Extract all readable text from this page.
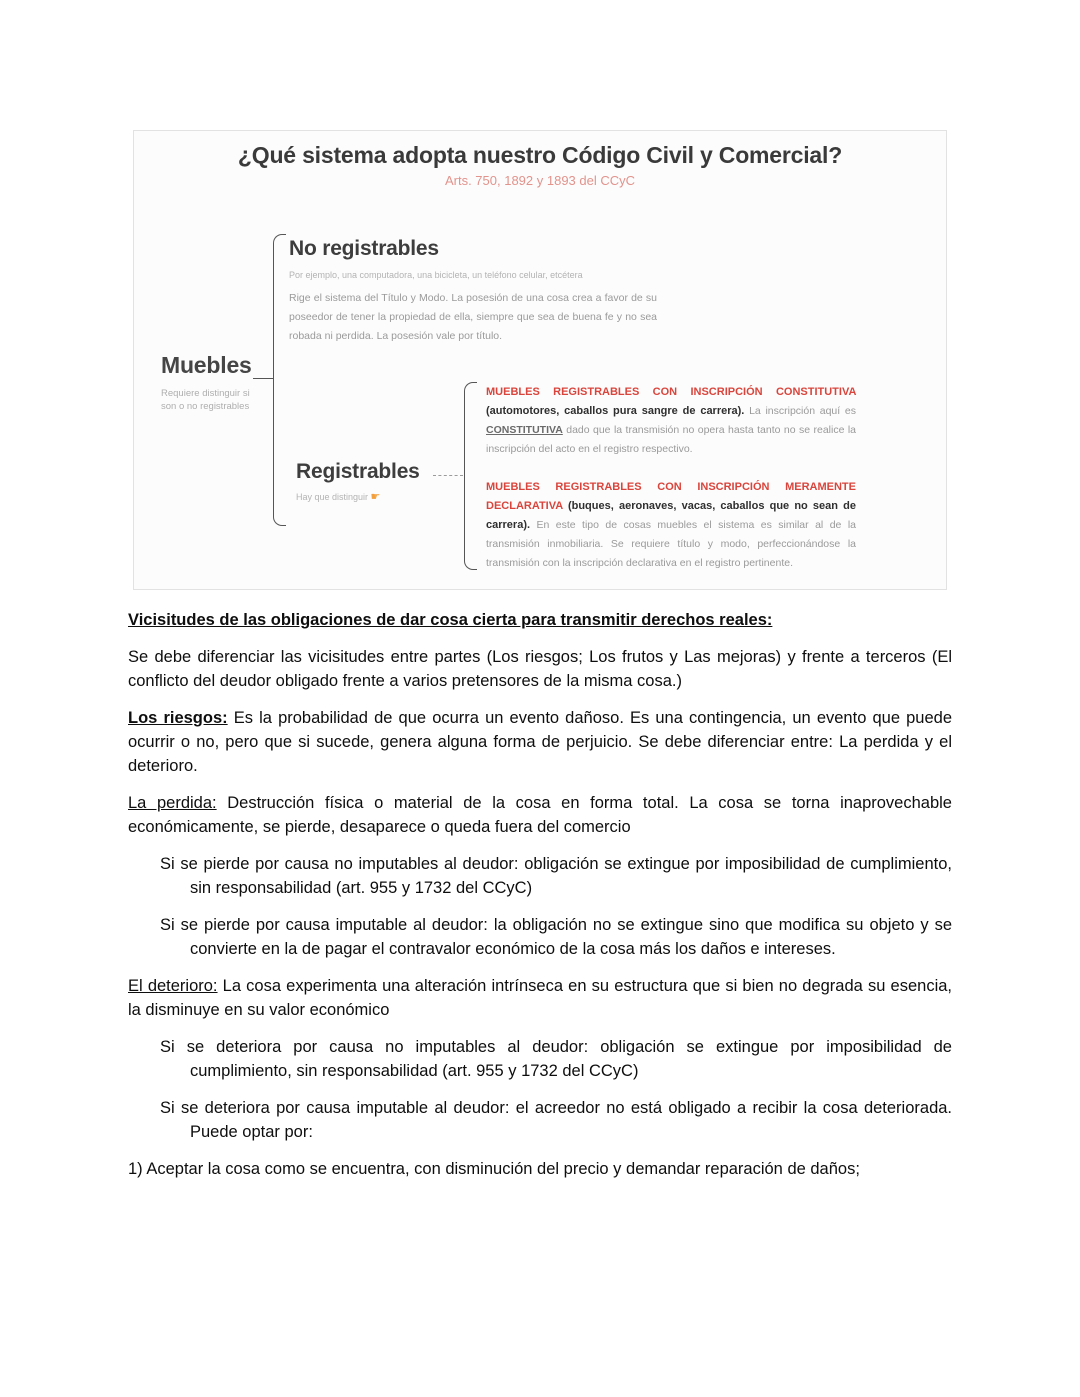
¿Qué sistema adopta nuestro Código Civil y Comercial?
Arts. 750, 1892 y 1893 del CCyC
Muebles
Requiere distinguir si son o no registrables
No registrables
Por ejemplo, una computadora, una bicicleta, un teléfono celular, etcétera
Rige el sistema del Título y Modo. La posesión de una cosa crea a favor de su poseedor de tener la propiedad de ella, siempre que sea de buena fe y no sea robada ni perdida. La posesión vale por título.
Registrables
Hay que distinguir ☛

MUEBLES REGISTRABLES CON INSCRIPCIÓN CONSTITUTIVA (automotores, caballos pura sangre de carrera). La inscripción aquí es CONSTITUTIVA dado que la transmisión no opera hasta tanto no se realice la inscripción del acto en el registro respectivo.

MUEBLES REGISTRABLES CON INSCRIPCIÓN MERAMENTE DECLARATIVA (buques, aeronaves, vacas, caballos que no sean de carrera). En este tipo de cosas muebles el sistema es similar al de la transmisión inmobiliaria. Se requiere título y modo, perfeccionándose la transmisión con la inscripción declarativa en el registro pertinente.

Vicisitudes de las obligaciones de dar cosa cierta para transmitir derechos reales:

Se debe diferenciar las vicisitudes entre partes (Los riesgos; Los frutos y Las mejoras) y frente a terceros (El conflicto del deudor obligado frente a varios pretensores de la misma cosa.)

Los riesgos: Es la probabilidad de que ocurra un evento dañoso. Es una contingencia, un evento que puede ocurrir o no, pero que si sucede, genera alguna forma de perjuicio. Se debe diferenciar entre: La perdida y el deterioro.

La perdida: Destrucción física o material de la cosa en forma total. La cosa se torna inaprovechable económicamente, se pierde, desaparece o queda fuera del comercio

Si se pierde por causa no imputables al deudor: obligación se extingue por imposibilidad de cumplimiento, sin responsabilidad (art. 955 y 1732 del CCyC)

Si se pierde por causa imputable al deudor: la obligación no se extingue sino que modifica su objeto y se convierte en la de pagar el contravalor económico de la cosa más los daños e intereses.

El deterioro: La cosa experimenta una alteración intrínseca en su estructura que si bien no degrada su esencia, la disminuye en su valor económico

Si se deteriora por causa no imputables al deudor: obligación se extingue por imposibilidad de cumplimiento, sin responsabilidad (art. 955 y 1732 del CCyC)

Si se deteriora por causa imputable al deudor: el acreedor no está obligado a recibir la cosa deteriorada. Puede optar por:

1) Aceptar la cosa como se encuentra, con disminución del precio y demandar reparación de daños;
